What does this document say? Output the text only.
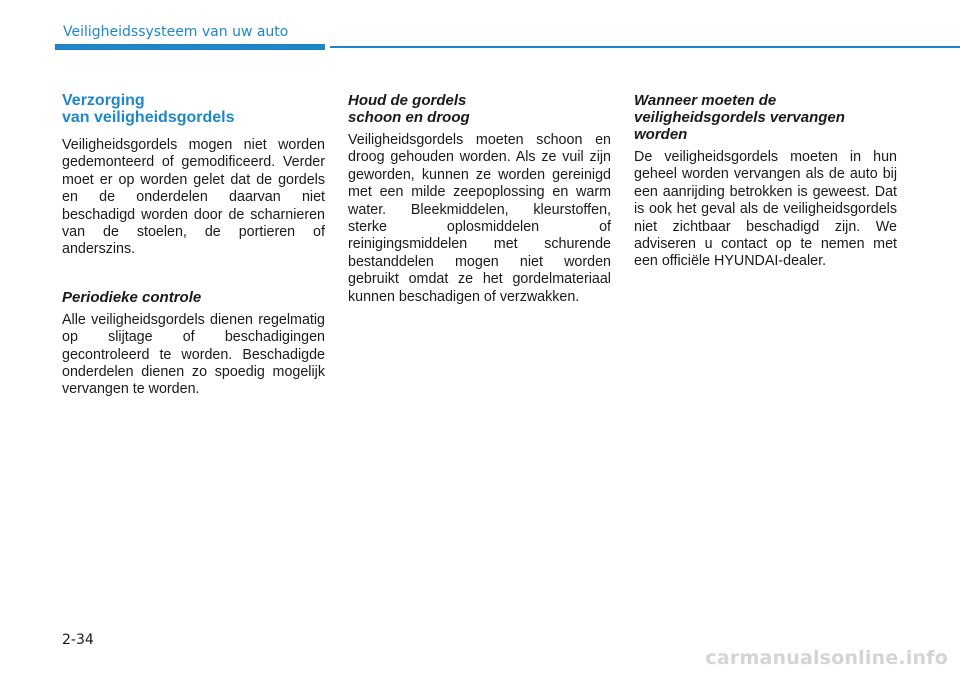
Veiligheidssysteem van uw auto
Verzorging
van veiligheidsgordels

Veiligheidsgordels mogen niet worden gedemonteerd of gemodificeerd. Verder moet er op worden gelet dat de gordels en de onderdelen daarvan niet beschadigd worden door de scharnieren van de stoelen, de portieren of anderszins.

Periodieke controle

Alle veiligheidsgordels dienen regelmatig op slijtage of beschadigingen gecontroleerd te worden. Beschadigde onderdelen dienen zo spoedig mogelijk vervangen te worden.

Houd de gordels
schoon en droog

Veiligheidsgordels moeten schoon en droog gehouden worden. Als ze vuil zijn geworden, kunnen ze worden gereinigd met een milde zeepoplossing en warm water. Bleekmiddelen, kleurstoffen, sterke oplosmiddelen of reinigingsmiddelen met schurende bestanddelen mogen niet worden gebruikt omdat ze het gordelmateriaal kunnen beschadigen of verzwakken.

Wanneer moeten de
veiligheidsgordels vervangen
worden

De veiligheidsgordels moeten in hun geheel worden vervangen als de auto bij een aanrijding betrokken is geweest. Dat is ook het geval als de veiligheidsgordels niet zichtbaar beschadigd zijn. We adviseren u contact op te nemen met een officiële HYUNDAI-dealer.

2-34
carmanualsonline.info
